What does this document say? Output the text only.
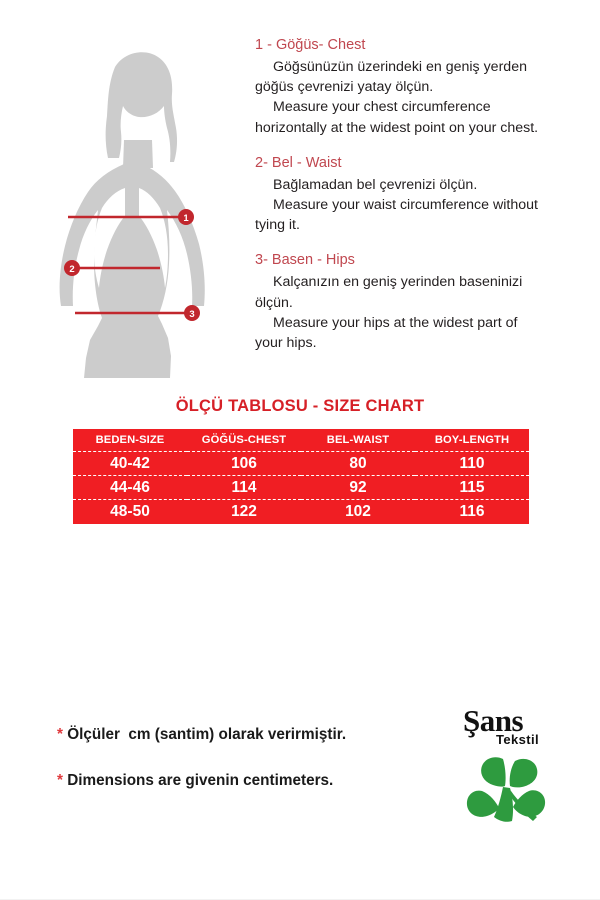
1
2
3

1 - Göğüs- Chest

Göğsünüzün üzerindeki en geniş yerden

göğüs çevrenizi yatay ölçün.

Measure your chest circumference

horizontally at the widest point on your chest.

2- Bel - Waist

Bağlamadan bel çevrenizi ölçün.

Measure your waist circumference without

tying it.

3- Basen - Hips

Kalçanızın en geniş yerinden baseninizi

ölçün.

Measure your hips at the widest part of

your hips.

ÖLÇÜ TABLOSU - SIZE CHART
BEDEN-SIZE	GÖĞÜS-CHEST	BEL-WAIST	BOY-LENGTH
40-42	106	80	110
44-46	114	92	115
48-50	122	102	116
* Ölçüler  cm (santim) olarak verirmiştir.
* Dimensions are givenin centimeters.
Şans
Tekstil
